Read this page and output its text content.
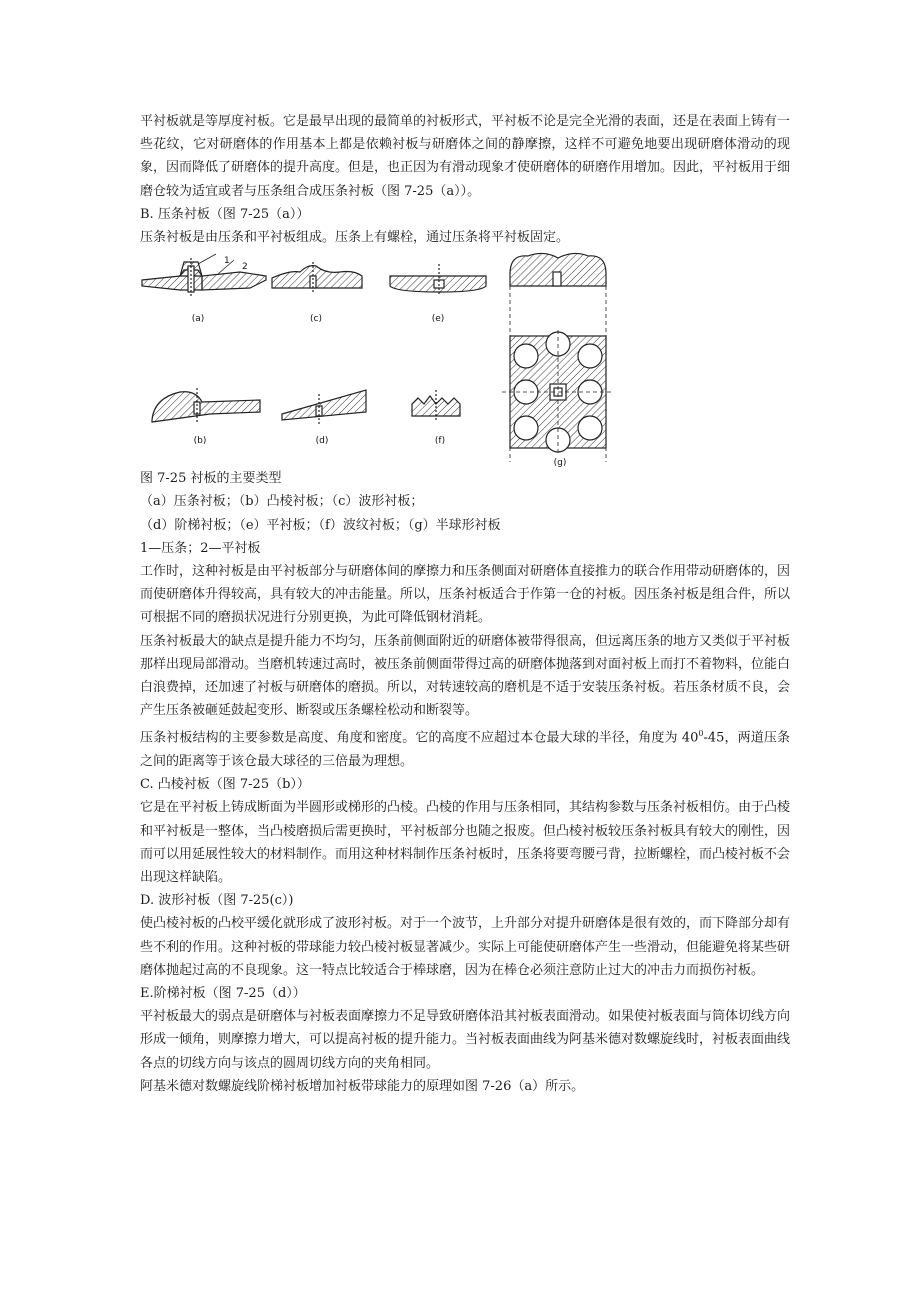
平衬板就是等厚度衬板。它是最早出现的最简单的衬板形式，平衬板不论是完全光滑的表面，还是在表面上铸有一些花纹，它对研磨体的作用基本上都是依赖衬板与研磨体之间的静摩擦，这样不可避免地要出现研磨体滑动的现象，因而降低了研磨体的提升高度。但是，也正因为有滑动现象才使研磨体的研磨作用增加。因此，平衬板用于细磨仓较为适宜或者与压条组合成压条衬板（图 7-25（a））。

B. 压条衬板（图 7-25（a））

压条衬板是由压条和平衬板组成。压条上有螺栓，通过压条将平衬板固定。

1
2
(a)	(c)	(e)
(b)	(d)	(f)
(g)

图 7-25 衬板的主要类型

（a）压条衬板；（b）凸棱衬板；（c）波形衬板；

（d）阶梯衬板；（e）平衬板；（f）波纹衬板；（g）半球形衬板

1—压条；2—平衬板

工作时，这种衬板是由平衬板部分与研磨体间的摩擦力和压条侧面对研磨体直接推力的联合作用带动研磨体的，因而使研磨体升得较高，具有较大的冲击能量。所以，压条衬板适合于作第一仓的衬板。因压条衬板是组合件，所以可根据不同的磨损状况进行分别更换，为此可降低钢材消耗。

压条衬板最大的缺点是提升能力不均匀，压条前侧面附近的研磨体被带得很高，但远离压条的地方又类似于平衬板那样出现局部滑动。当磨机转速过高时，被压条前侧面带得过高的研磨体抛落到对面衬板上而打不着物料，位能白白浪费掉，还加速了衬板与研磨体的磨损。所以，对转速较高的磨机是不适于安装压条衬板。若压条材质不良，会产生压条被砸延鼓起变形、断裂或压条螺栓松动和断裂等。

压条衬板结构的主要参数是高度、角度和密度。它的高度不应超过本仓最大球的半径，角度为 $40^0-45$，两道压条之间的距离等于该仓最大球径的三倍最为理想。

C. 凸棱衬板（图 7-25（b））

它是在平衬板上铸成断面为半圆形或梯形的凸棱。凸棱的作用与压条相同，其结构参数与压条衬板相仿。由于凸棱和平衬板是一整体，当凸棱磨损后需更换时，平衬板部分也随之报废。但凸棱衬板较压条衬板具有较大的刚性，因而可以用延展性较大的材料制作。而用这种材料制作压条衬板时，压条将要弯腰弓背，拉断螺栓，而凸棱衬板不会出现这样缺陷。

D. 波形衬板（图 7-25(c）)

使凸棱衬板的凸校平缓化就形成了波形衬板。对于一个波节，上升部分对提升研磨体是很有效的，而下降部分却有些不利的作用。这种衬板的带球能力较凸棱衬板显著减少。实际上可能使研磨体产生一些滑动，但能避免将某些研磨体抛起过高的不良现象。这一特点比较适合于棒球磨，因为在棒仓必须注意防止过大的冲击力而损伤衬板。

E.阶梯衬板（图 7-25（d））

平衬板最大的弱点是研磨体与衬板表面摩擦力不足导致研磨体沿其衬板表面滑动。如果使衬板表面与筒体切线方向形成一倾角，则摩擦力增大，可以提高衬板的提升能力。当衬板表面曲线为阿基米德对数螺旋线时，衬板表面曲线各点的切线方向与该点的圆周切线方向的夹角相同。

阿基米德对数螺旋线阶梯衬板增加衬板带球能力的原理如图 7-26（a）所示。
